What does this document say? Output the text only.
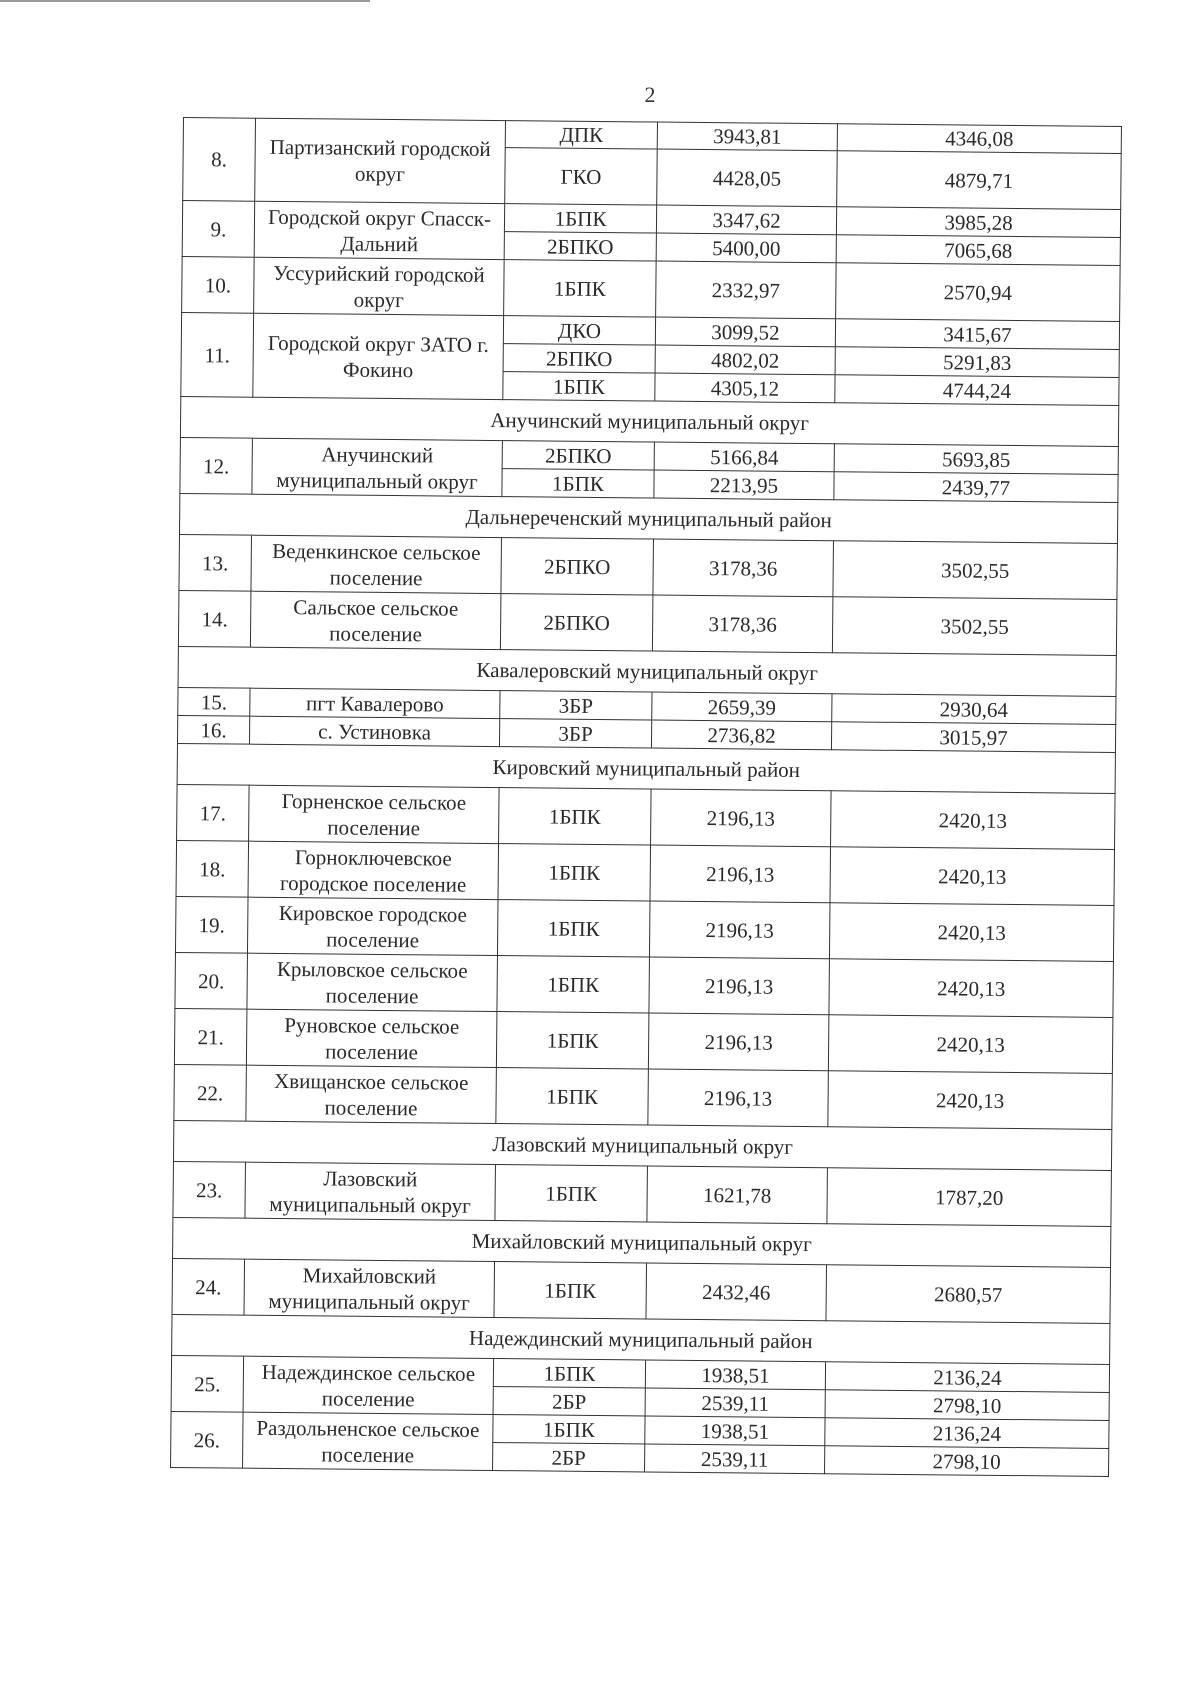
2
8.	Партизанский городской округ	ДПК	3943,81	4346,08
		ГКО	4428,05	4879,71
9.	Городской округ Спасск-Дальний	1БПК	3347,62	3985,28
		2БПКО	5400,00	7065,68
10.	Уссурийский городской округ	1БПК	2332,97	2570,94
11.	Городской округ ЗАТО г. Фокино	ДКО	3099,52	3415,67
		2БПКО	4802,02	5291,83
		1БПК	4305,12	4744,24
Анучинский муниципальный округ				
12.	Анучинский муниципальный округ	2БПКО	5166,84	5693,85
		1БПК	2213,95	2439,77
Дальнереченский муниципальный район				
13.	Веденкинское сельское поселение	2БПКО	3178,36	3502,55
14.	Сальское сельское поселение	2БПКО	3178,36	3502,55
Кавалеровский муниципальный округ				
15.	пгт Кавалерово	3БР	2659,39	2930,64
16.	с. Устиновка	3БР	2736,82	3015,97
Кировский муниципальный район				
17.	Горненское сельское поселение	1БПК	2196,13	2420,13
18.	Горноключевское городское поселение	1БПК	2196,13	2420,13
19.	Кировское городское поселение	1БПК	2196,13	2420,13
20.	Крыловское сельское поселение	1БПК	2196,13	2420,13
21.	Руновское сельское поселение	1БПК	2196,13	2420,13
22.	Хвищанское сельское поселение	1БПК	2196,13	2420,13
Лазовский муниципальный округ				
23.	Лазовский муниципальный округ	1БПК	1621,78	1787,20
Михайловский муниципальный округ				
24.	Михайловский муниципальный округ	1БПК	2432,46	2680,57
Надеждинский муниципальный район				
25.	Надеждинское сельское поселение	1БПК	1938,51	2136,24
		2БР	2539,11	2798,10
26.	Раздольненское сельское поселение	1БПК	1938,51	2136,24
		2БР	2539,11	2798,10
